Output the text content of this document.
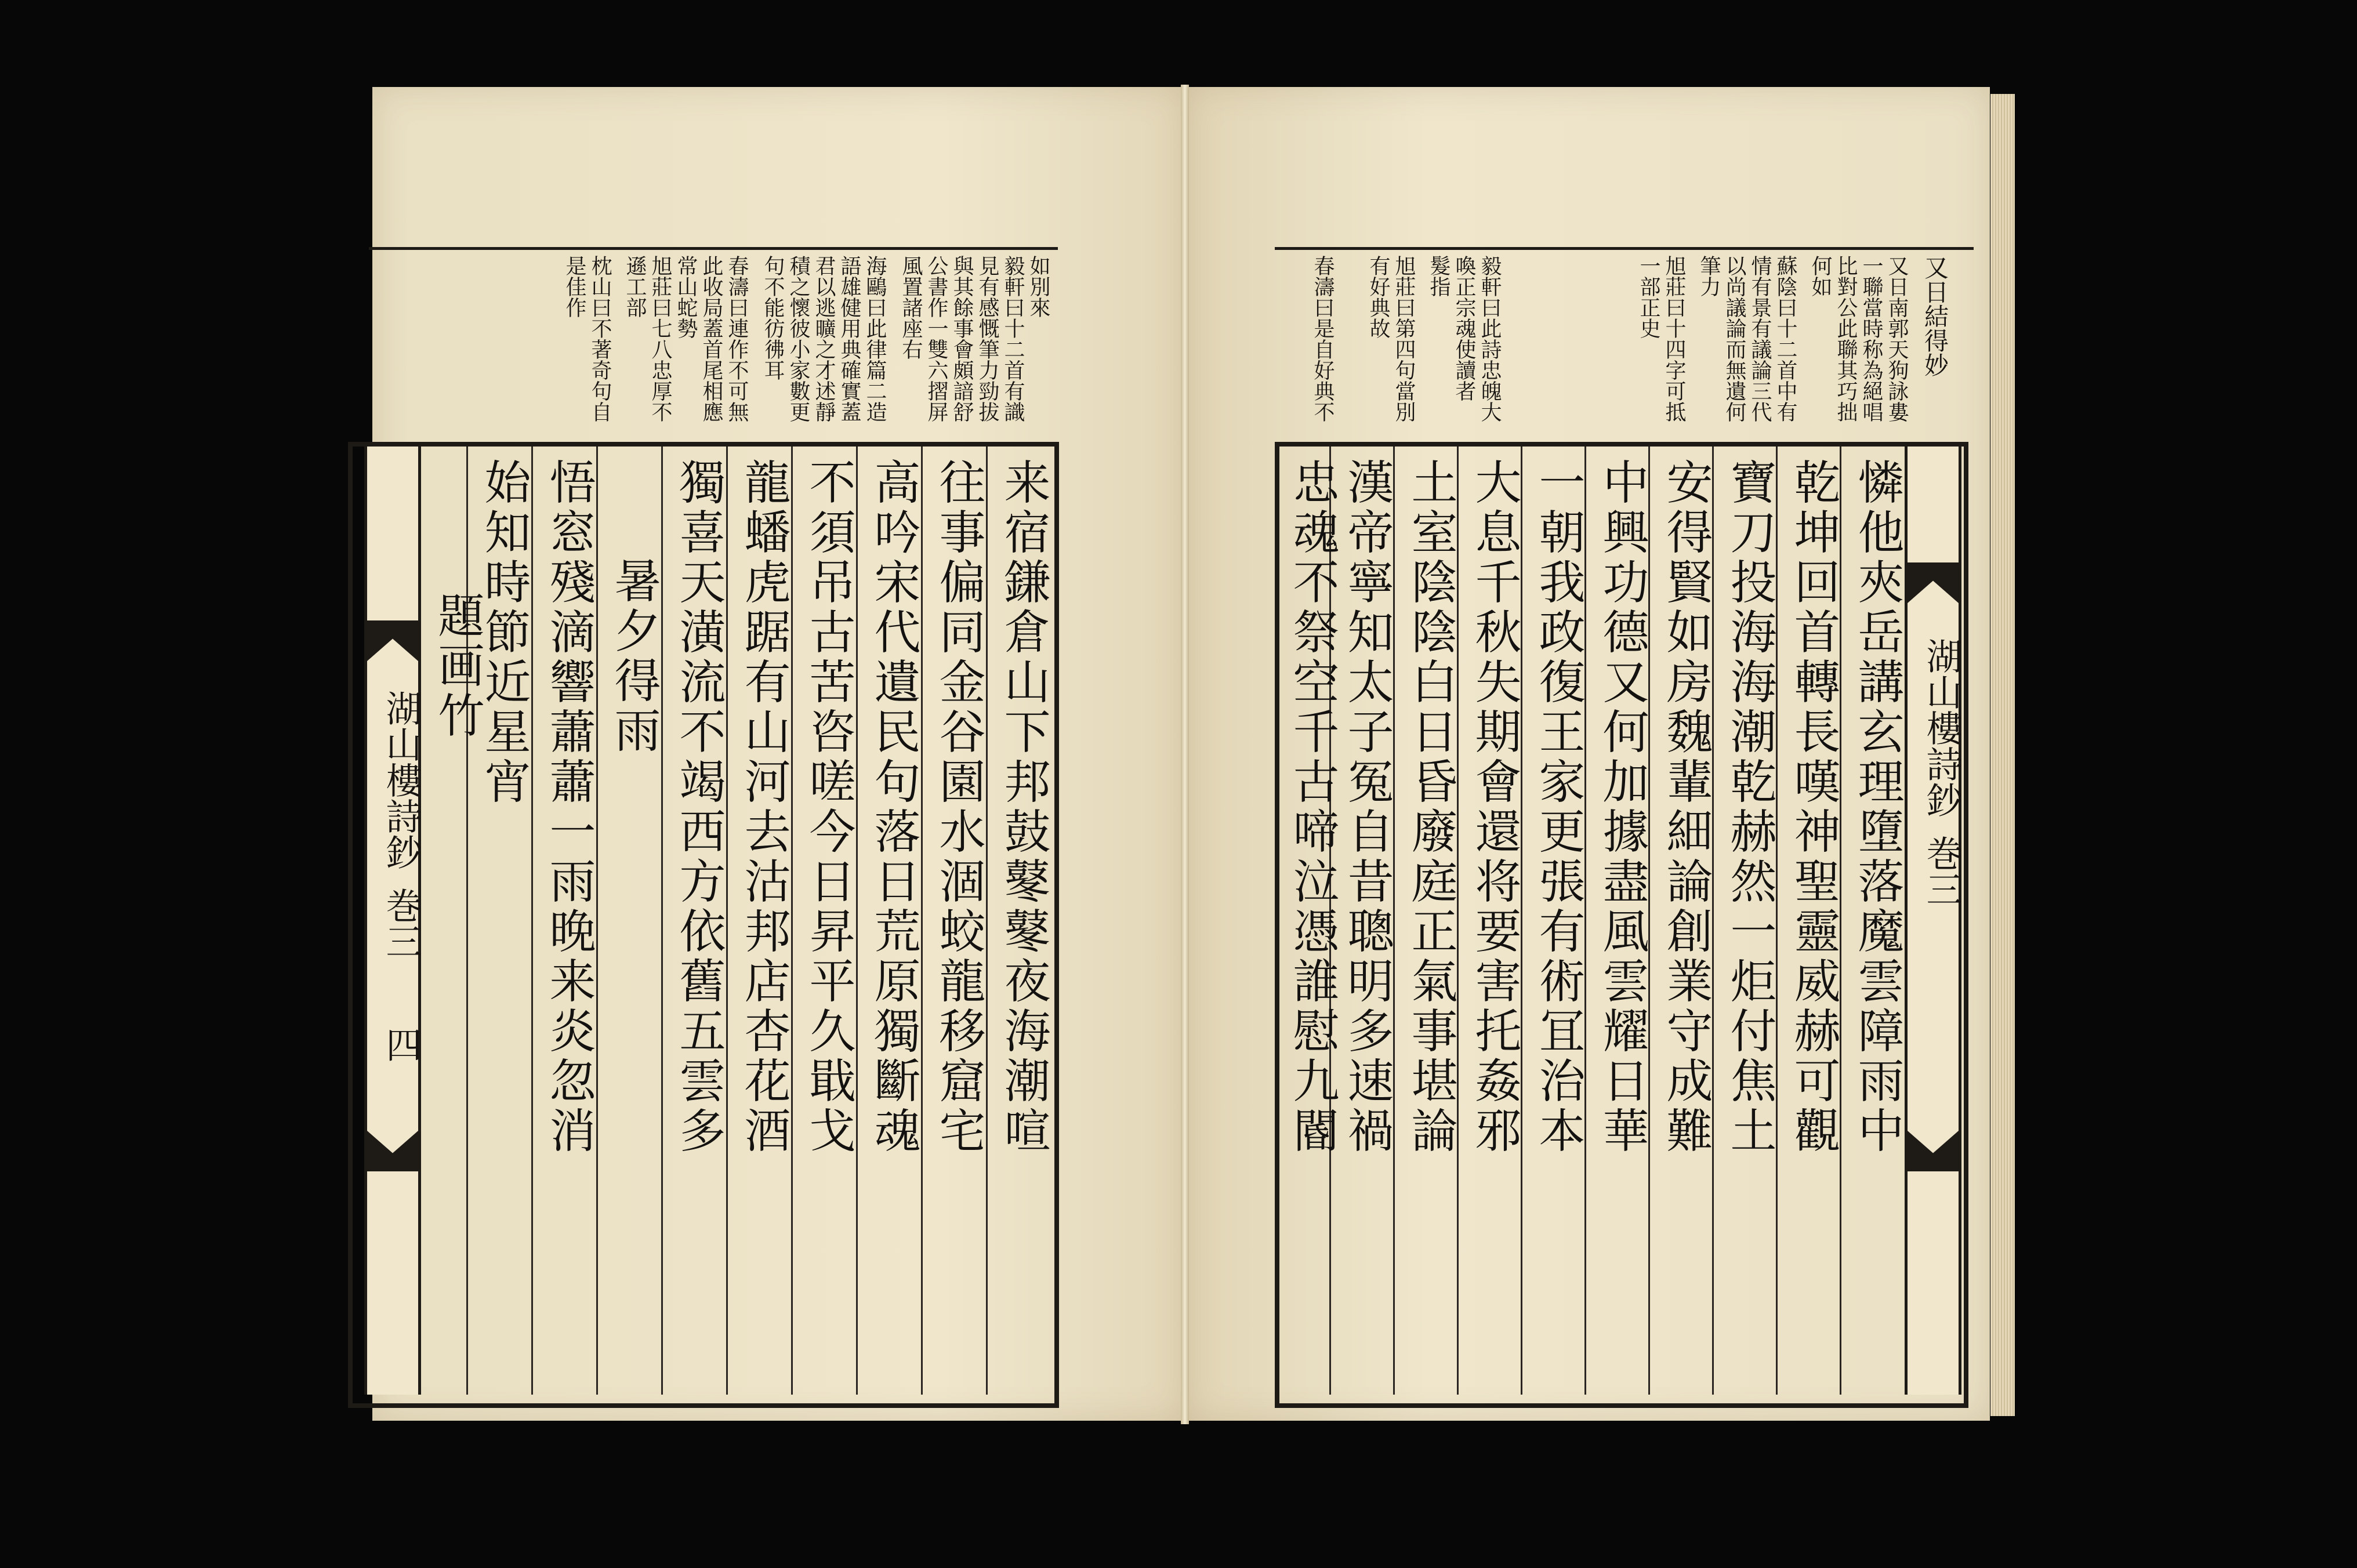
如別來
毅軒曰十二首有識
見有感慨筆力勁拔
與其餘事會頗諳舒
公書作一雙六摺屏
風置諸座右
海鷗曰此律篇二造
語雄健用典確實蓋
君以逃曠之才述靜
積之懷彼小家數更
句不能彷彿耳
春濤曰連作不可無
此收局蓋首尾相應
常山蛇勢
旭莊曰七八忠厚不
遜工部
枕山曰不著奇句自
是佳作
湖山樓詩鈔
巻三
四	来宿鎌倉山下邦鼓鼕鼕夜海潮喧
往事偏同金谷園水涸蛟龍移窟宅
高吟宋代遺民句落日荒原獨斷魂
不須吊古苦咨嗟今日昇平久戢戈
龍蟠虎踞有山河去沽邦店杏花酒
獨喜天潢流不竭西方依舊五雲多
暑夕得雨
悟窓殘滴響蕭蕭一雨晚来炎忽消
始知時節近星宵
題画竹
又日結得妙
又日南郭天狗詠婁
一聯當時称為絕唱
比對公此聯其巧拙
何如
蘇陰曰十二首中有
情有景有議論三代
以尚議論而無遺何
筆力
旭莊曰十四字可抵
一部正史
毅軒曰此詩忠魄大
喚正宗魂使讀者
髮指
旭莊曰第四句當別
有好典故
春濤曰是自好典不
湖山樓詩鈔
巻三
憐他夾岳講玄理墮落魔雲障雨中
乾坤回首轉長嘆神聖靈威赫可觀
寶刀投海海潮乾赫然一炬付焦土
安得賢如房魏輩細論創業守成難
中興功德又何加據盡風雲耀日華
一朝我政復王家更張有術冝治本
大息千秋失期會還将要害托姦邪
土室陰陰白日昏廢庭正氣事堪論
漢帝寧知太子冤自昔聰明多速禍
忠魂不祭空千古啼泣憑誰慰九閽
